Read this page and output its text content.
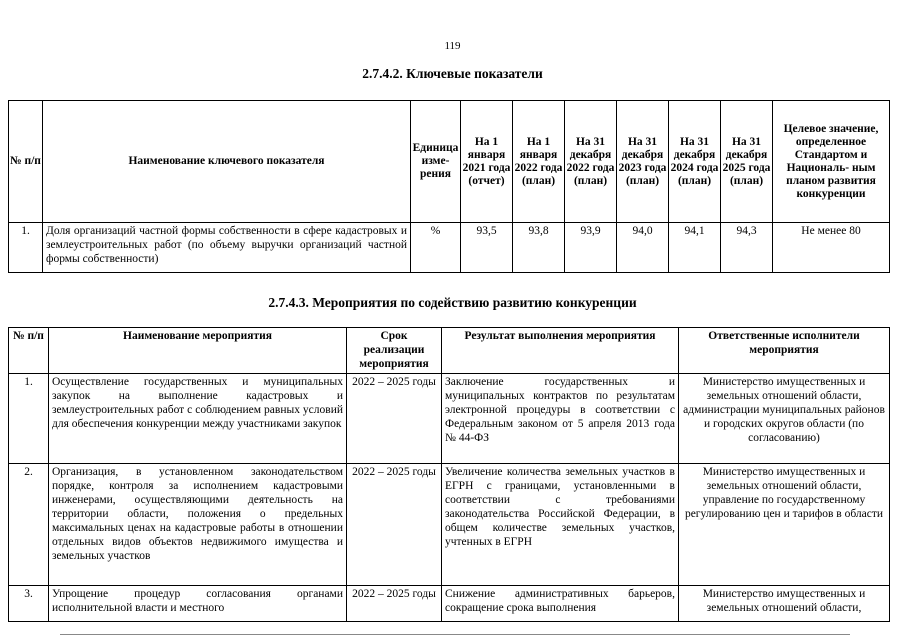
119
2.7.4.2. Ключевые показатели
№ п/п	Наименование ключевого показателя	Единица изме- рения	На 1 января 2021 года (отчет)	На 1 января 2022 года (план)	На 31 декабря 2022 года (план)	На 31 декабря 2023 года (план)	На 31 декабря 2024 года (план)	На 31 декабря 2025 года (план)	Целевое значение, определенное Стандартом и Националь- ным планом развития конкуренции
1.	Доля организаций частной формы собственности в сфере кадастровых и землеустроительных работ (по объему выручки организаций частной формы собственности)	%	93,5	93,8	93,9	94,0	94,1	94,3	Не менее 80
2.7.4.3. Мероприятия по содействию развитию конкуренции
№ п/п	Наименование мероприятия	Срок реализации мероприятия	Результат выполнения мероприятия	Ответственные исполнители мероприятия
1.	Осуществление государственных и муниципальных закупок на выполнение кадастровых и землеустроительных работ с соблюдением равных условий для обеспечения конкуренции между участниками закупок	2022 – 2025 годы	Заключение государственных и муниципальных контрактов по результатам электронной процедуры в соответствии с Федеральным законом от 5 апреля 2013 года № 44-ФЗ	Министерство имущественных и земельных отношений области, администрации муниципальных районов и городских округов области (по согласованию)
2.	Организация, в установленном законодательством порядке, контроля за исполнением кадастровыми инженерами, осуществляющими деятельность на территории области, положения о предельных максимальных ценах на кадастровые работы в отношении отдельных видов объектов недвижимого имущества и земельных участков	2022 – 2025 годы	Увеличение количества земельных участков в ЕГРН с границами, установленными в соответствии с требованиями законодательства Российской Федерации, в общем количестве земельных участков, учтенных в ЕГРН	Министерство имущественных и земельных отношений области, управление по государственному регулированию цен и тарифов в области
3.	Упрощение процедур согласования органами исполнительной власти и местного	2022 – 2025 годы	Снижение административных барьеров, сокращение срока выполнения	Министерство имущественных и земельных отношений области,
